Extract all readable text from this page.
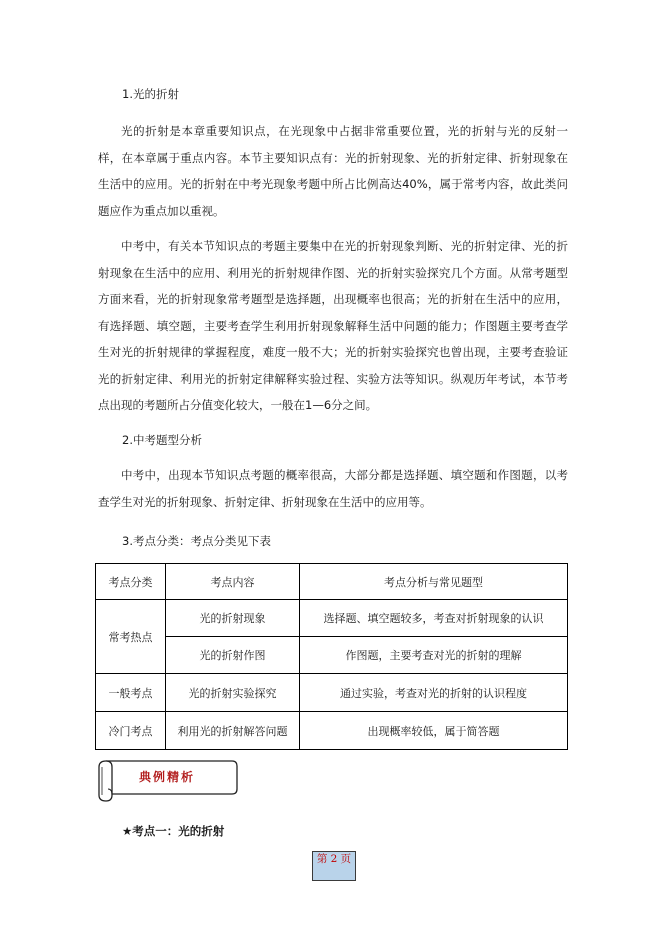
1.光的折射

光的折射是本章重要知识点，在光现象中占据非常重要位置，光的折射与光的反射一样，在本章属于重点内容。本节主要知识点有：光的折射现象、光的折射定律、折射现象在生活中的应用。光的折射在中考光现象考题中所占比例高达40%，属于常考内容，故此类问题应作为重点加以重视。

中考中，有关本节知识点的考题主要集中在光的折射现象判断、光的折射定律、光的折射现象在生活中的应用、利用光的折射规律作图、光的折射实验探究几个方面。从常考题型方面来看，光的折射现象常考题型是选择题，出现概率也很高；光的折射在生活中的应用，有选择题、填空题，主要考查学生利用折射现象解释生活中问题的能力；作图题主要考查学生对光的折射规律的掌握程度，难度一般不大；光的折射实验探究也曾出现，主要考查验证光的折射定律、利用光的折射定律解释实验过程、实验方法等知识。纵观历年考试，本节考点出现的考题所占分值变化较大，一般在1—6分之间。

2.中考题型分析

中考中，出现本节知识点考题的概率很高，大部分都是选择题、填空题和作图题，以考查学生对光的折射现象、折射定律、折射现象在生活中的应用等。

3.考点分类：考点分类见下表
考点分类	考点内容	考点分析与常见题型
常考热点	光的折射现象	选择题、填空题较多，考查对折射现象的认识
	光的折射作图	作图题，主要考查对光的折射的理解
一般考点	光的折射实验探究	通过实验，考查对光的折射的认识程度
冷门考点	利用光的折射解答问题	出现概率较低，属于简答题
典例精析
★考点一：光的折射
第 2 页
